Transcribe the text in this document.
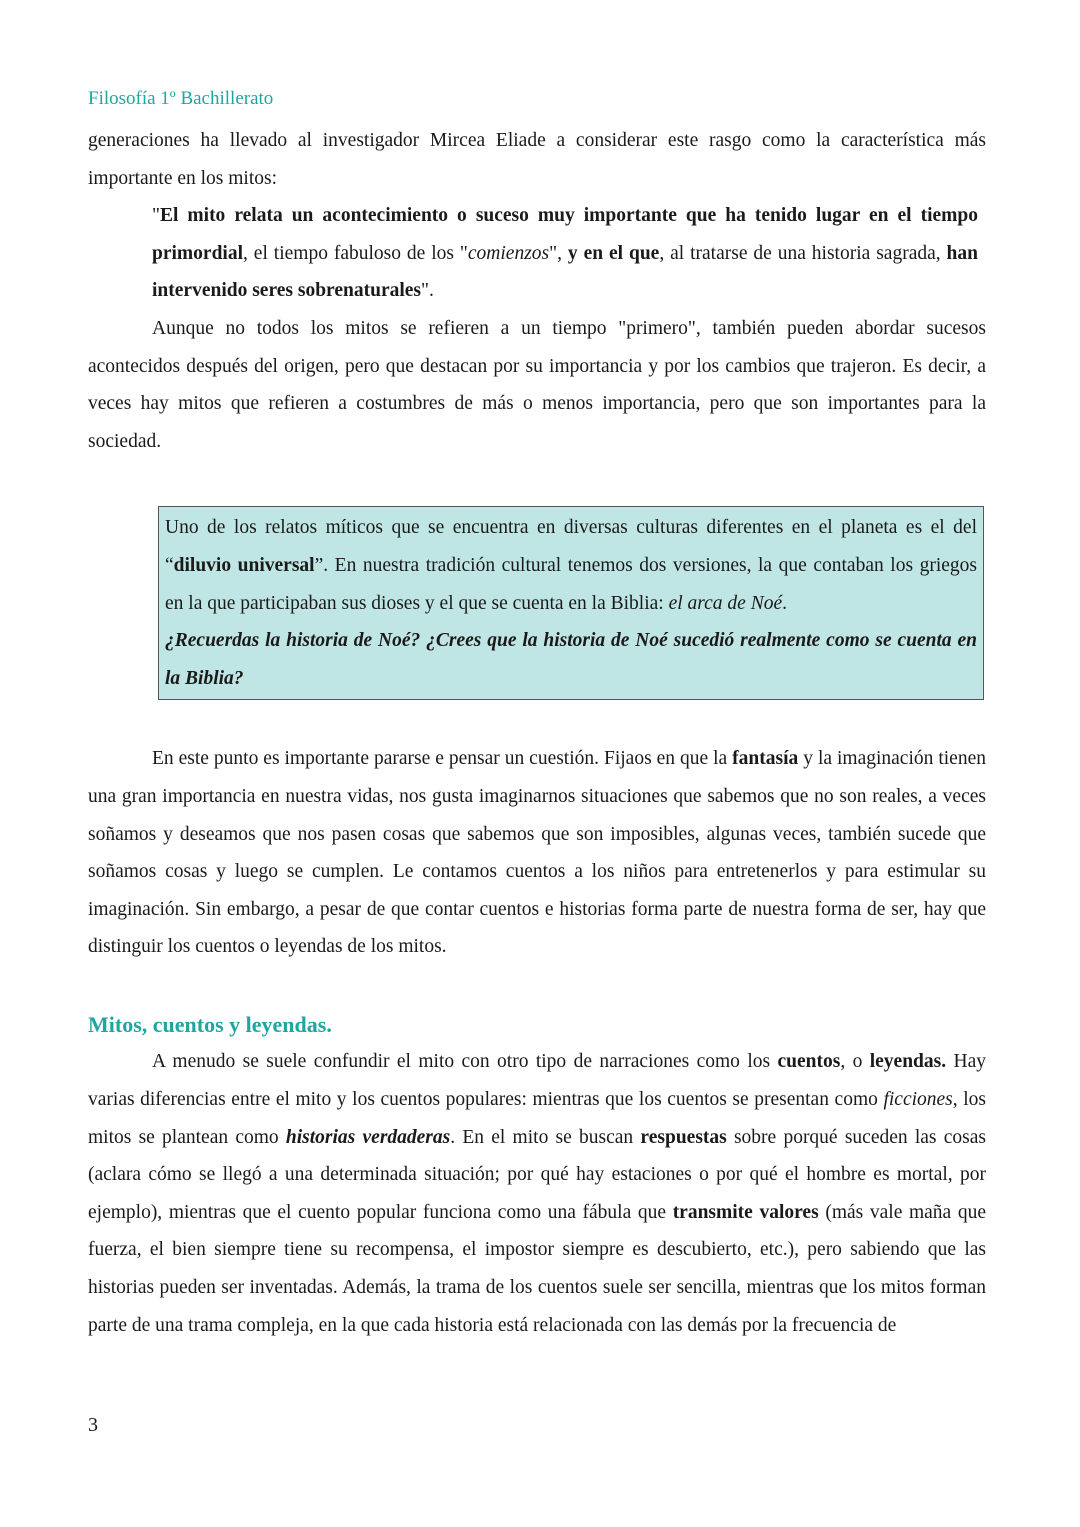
Filosofía 1º Bachillerato

generaciones ha llevado al investigador Mircea Eliade a considerar este rasgo como la característica más importante en los mitos:

"El mito relata un acontecimiento o suceso muy importante que ha tenido lugar en el tiempo primordial, el tiempo fabuloso de los "comienzos", y en el que, al tratarse de una historia sagrada, han intervenido seres sobrenaturales".

Aunque no todos los mitos se refieren a un tiempo "primero", también pueden abordar sucesos acontecidos después del origen, pero que destacan por su importancia y por los cambios que trajeron. Es decir, a veces hay mitos que refieren a costumbres de más o menos importancia, pero que son importantes para la sociedad.

Uno de los relatos míticos que se encuentra en diversas culturas diferentes en el planeta es el del “diluvio universal”. En nuestra tradición cultural tenemos dos versiones, la que contaban los griegos en la que participaban sus dioses y el que se cuenta en la Biblia: el arca de Noé.

¿Recuerdas la historia de Noé? ¿Crees que la historia de Noé sucedió realmente como se cuenta en la Biblia?

En este punto es importante pararse e pensar un cuestión. Fijaos en que la fantasía y la imaginación tienen una gran importancia en nuestra vidas, nos gusta imaginarnos situaciones que sabemos que no son reales, a veces soñamos y deseamos que nos pasen cosas que sabemos que son imposibles, algunas veces, también sucede que soñamos cosas y luego se cumplen. Le contamos cuentos a los niños para entretenerlos y para estimular su imaginación. Sin embargo, a pesar de que contar cuentos e historias forma parte de nuestra forma de ser, hay que distinguir los cuentos o leyendas de los mitos.

Mitos, cuentos y leyendas.

A menudo se suele confundir el mito con otro tipo de narraciones como los cuentos, o leyendas. Hay varias diferencias entre el mito y los cuentos populares: mientras que los cuentos se presentan como ficciones, los mitos se plantean como historias verdaderas. En el mito se buscan respuestas sobre porqué suceden las cosas (aclara cómo se llegó a una determinada situación; por qué hay estaciones o por qué el hombre es mortal, por ejemplo), mientras que el cuento popular funciona como una fábula que transmite valores (más vale maña que fuerza, el bien siempre tiene su recompensa, el impostor siempre es descubierto, etc.), pero sabiendo que las historias pueden ser inventadas. Además, la trama de los cuentos suele ser sencilla, mientras que los mitos forman parte de una trama compleja, en la que cada historia está relacionada con las demás por la frecuencia de

3
